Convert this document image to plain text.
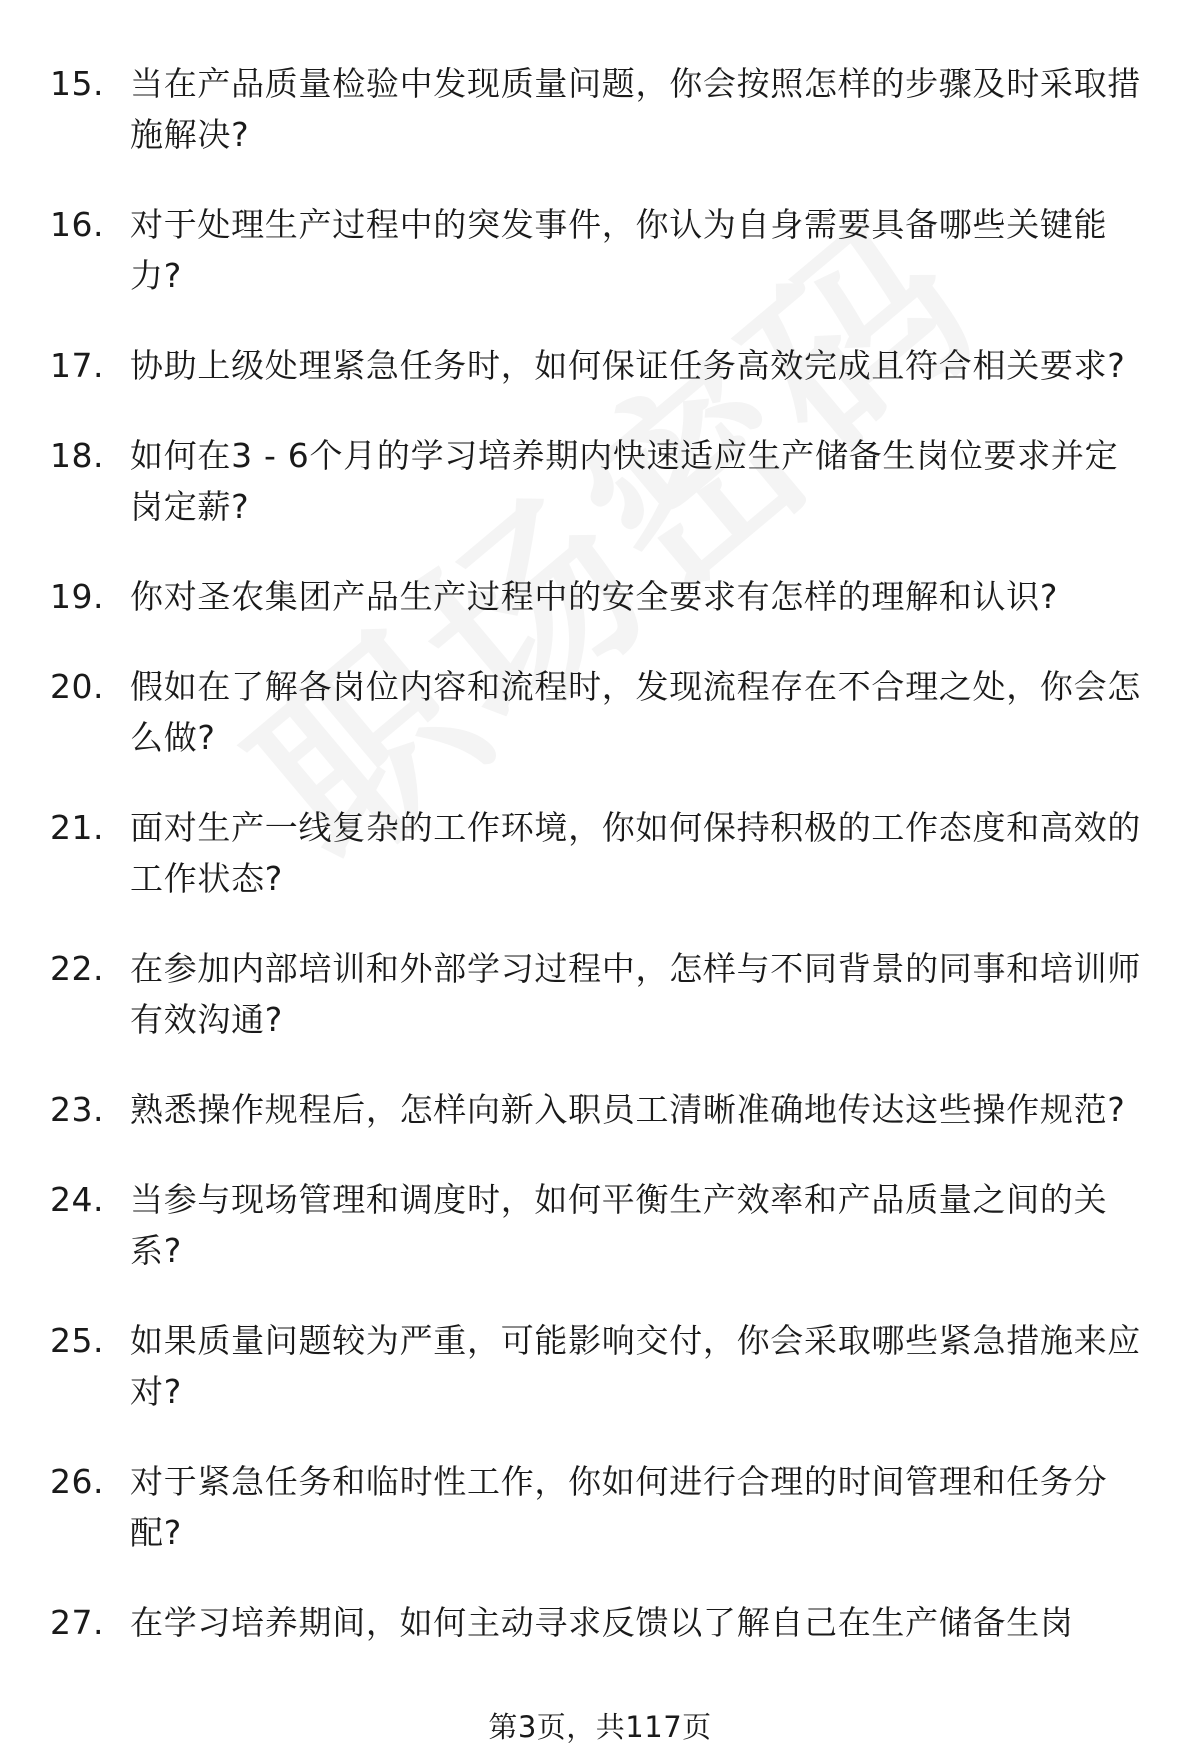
15. 当在产品质量检验中发现质量问题，你会按照怎样的步骤及时采取措施解决?
16. 对于处理生产过程中的突发事件，你认为自身需要具备哪些关键能力?
17. 协助上级处理紧急任务时，如何保证任务高效完成且符合相关要求?
18. 如何在3 - 6个月的学习培养期内快速适应生产储备生岗位要求并定岗定薪?
19. 你对圣农集团产品生产过程中的安全要求有怎样的理解和认识?
20. 假如在了解各岗位内容和流程时，发现流程存在不合理之处，你会怎么做?
21. 面对生产一线复杂的工作环境，你如何保持积极的工作态度和高效的工作状态?
22. 在参加内部培训和外部学习过程中，怎样与不同背景的同事和培训师有效沟通?
23. 熟悉操作规程后，怎样向新入职员工清晰准确地传达这些操作规范?
24. 当参与现场管理和调度时，如何平衡生产效率和产品质量之间的关系?
25. 如果质量问题较为严重，可能影响交付，你会采取哪些紧急措施来应对?
26. 对于紧急任务和临时性工作，你如何进行合理的时间管理和任务分配?
27. 在学习培养期间，如何主动寻求反馈以了解自己在生产储备生岗
第3页，共117页
